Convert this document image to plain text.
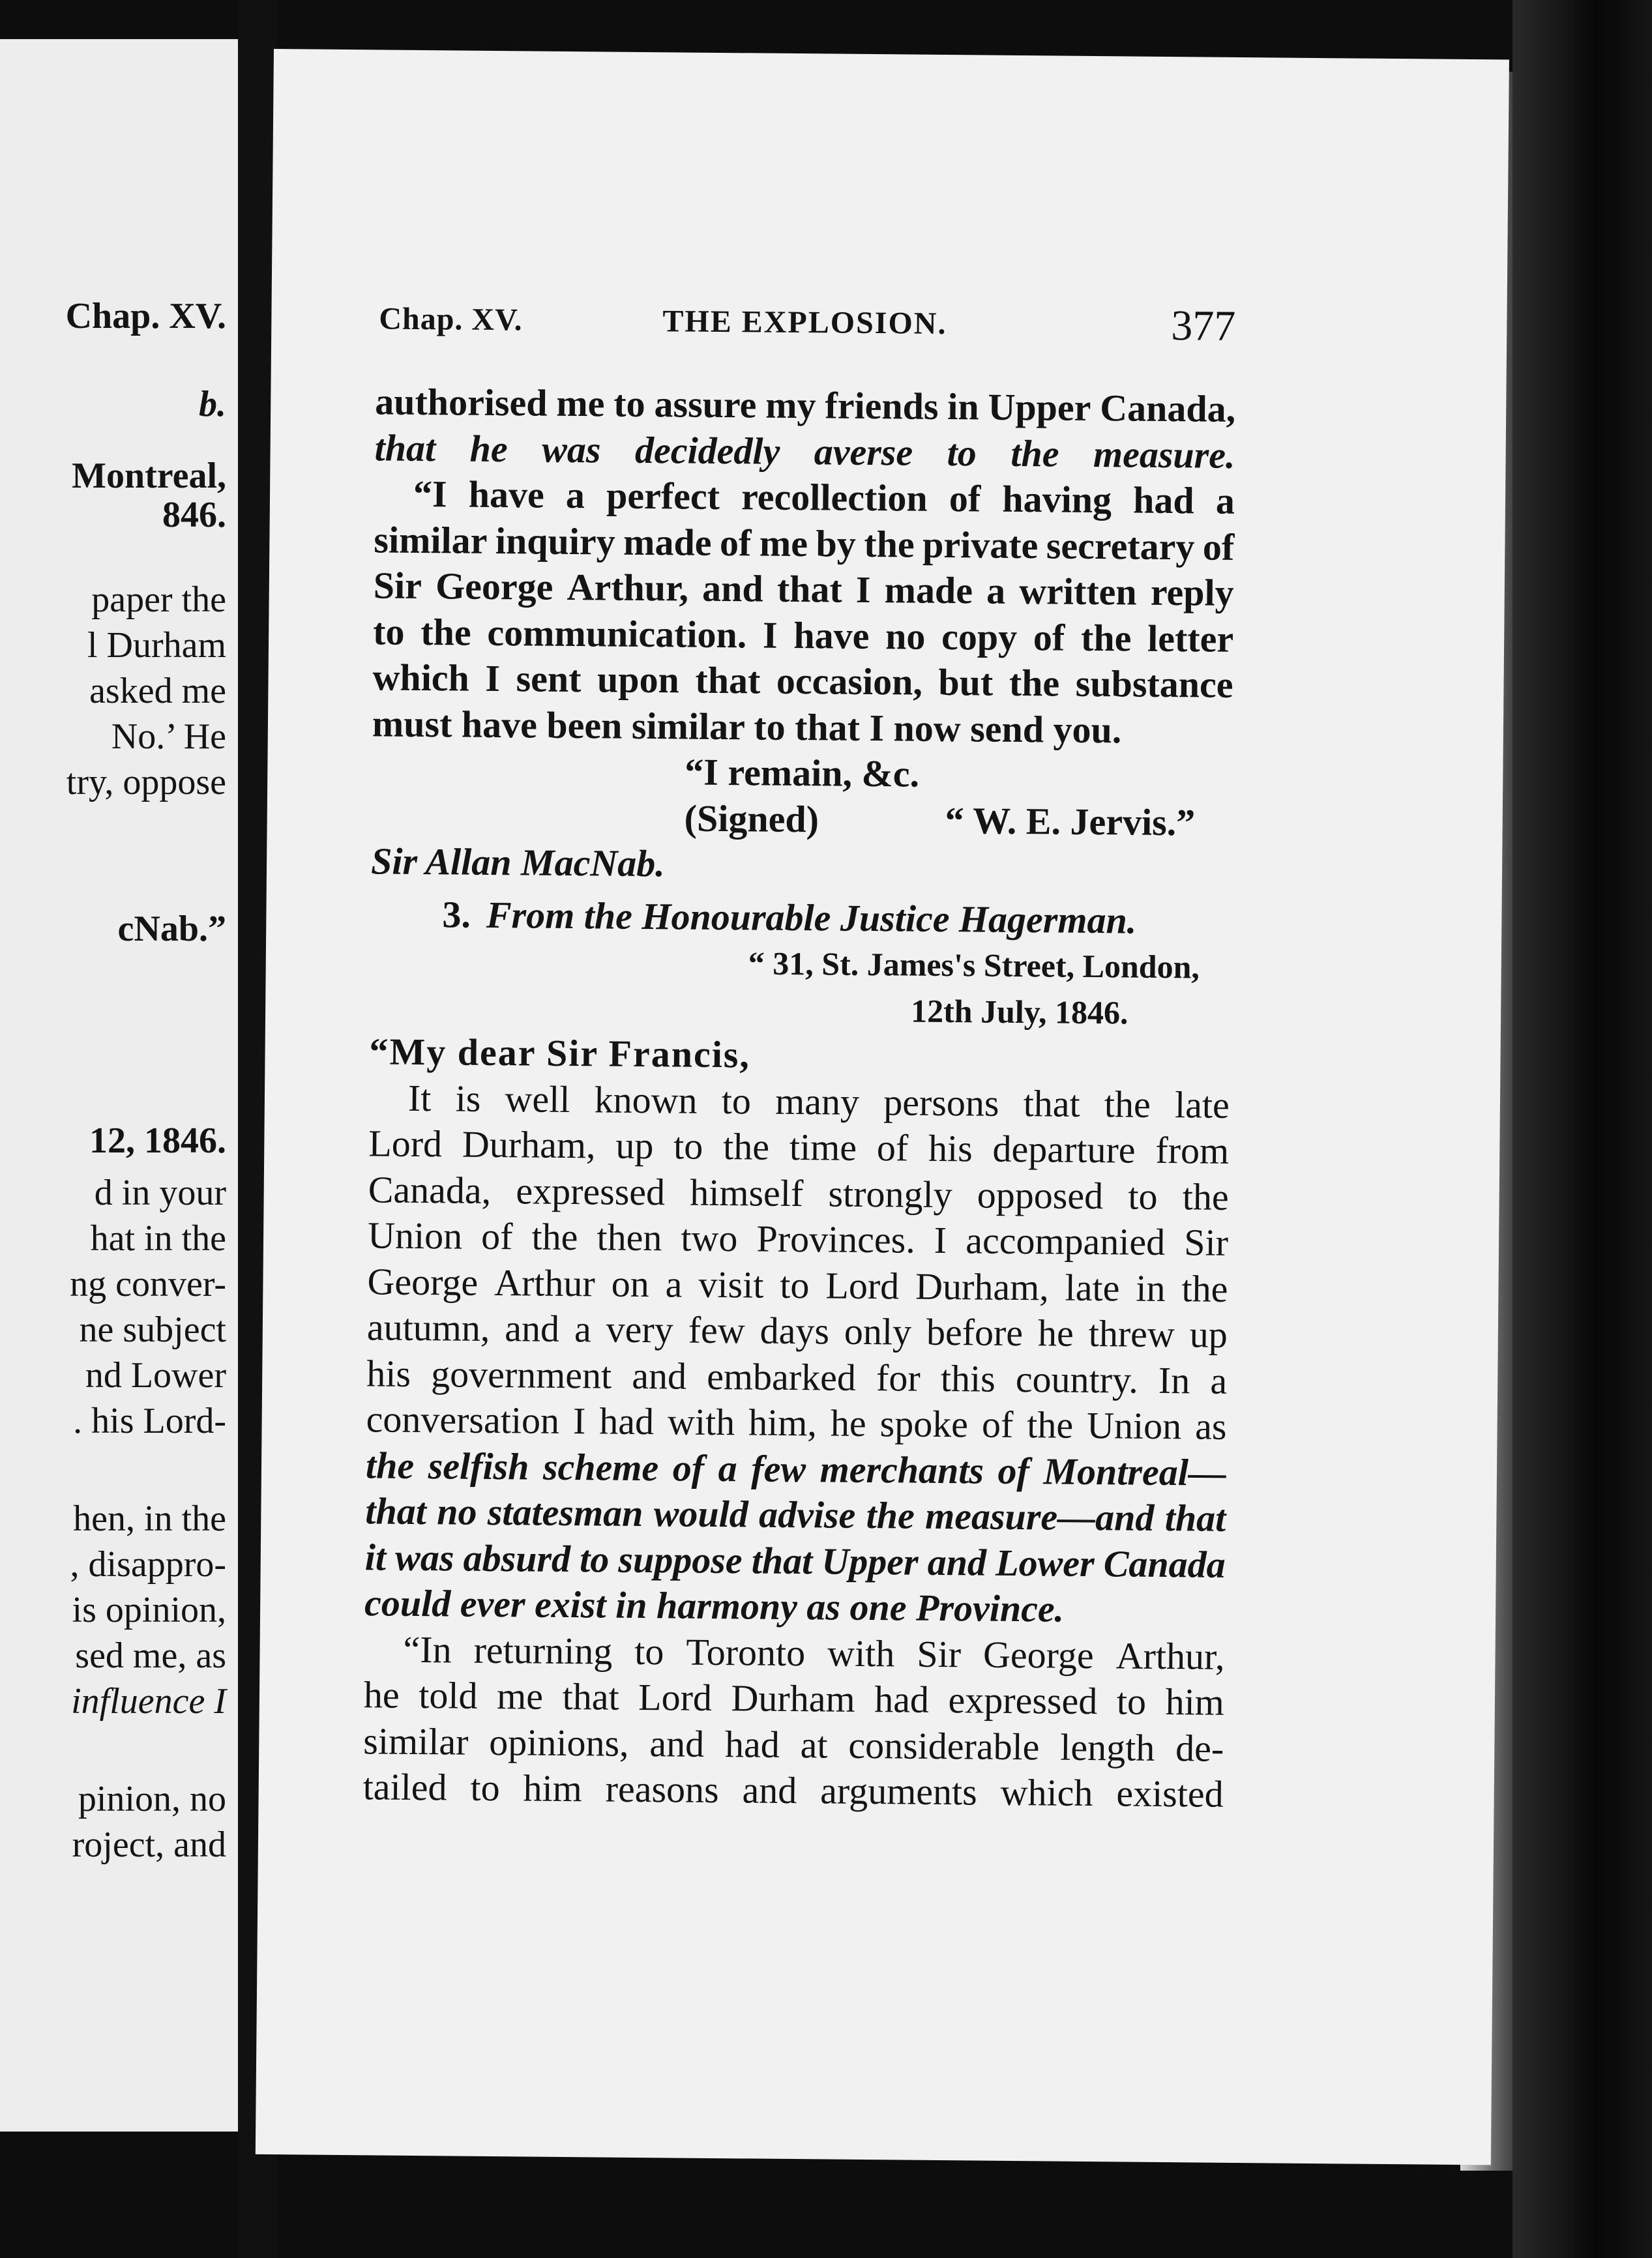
Chap. XV.
b.
Montreal,
846.
paper the
l Durham
asked me
No.’ He
try, oppose
cNab.”
12, 1846.
d in your
hat in the
ng conver-
ne subject
nd Lower
. his Lord-
hen, in the
, disappro-
is opinion,
sed me, as
influence I
pinion, no
roject, and
Chap. XV.	THE EXPLOSION.	377
authorised me to assure my friends in Upper Canada,
that he was decidedly averse to the measure.
“I have a perfect recollection of having had a
similar inquiry made of me by the private secretary of
Sir George Arthur, and that I made a written reply
to the communication. I have no copy of the letter
which I sent upon that occasion, but the substance
must have been similar to that I now send you.
“I remain, &c.
(Signed)	“ W. E. Jervis.”
Sir Allan MacNab.
3. From the Honourable Justice Hagerman.
“ 31, St. James's Street, London,
12th July, 1846.
“My dear Sir Francis,
It is well known to many persons that the late
Lord Durham, up to the time of his departure from
Canada, expressed himself strongly opposed to the
Union of the then two Provinces. I accompanied Sir
George Arthur on a visit to Lord Durham, late in the
autumn, and a very few days only before he threw up
his government and embarked for this country. In a
conversation I had with him, he spoke of the Union as
the selfish scheme of a few merchants of Montreal—
that no statesman would advise the measure—and that
it was absurd to suppose that Upper and Lower Canada
could ever exist in harmony as one Province.
“In returning to Toronto with Sir George Arthur,
he told me that Lord Durham had expressed to him
similar opinions, and had at considerable length de-
tailed to him reasons and arguments which existed
